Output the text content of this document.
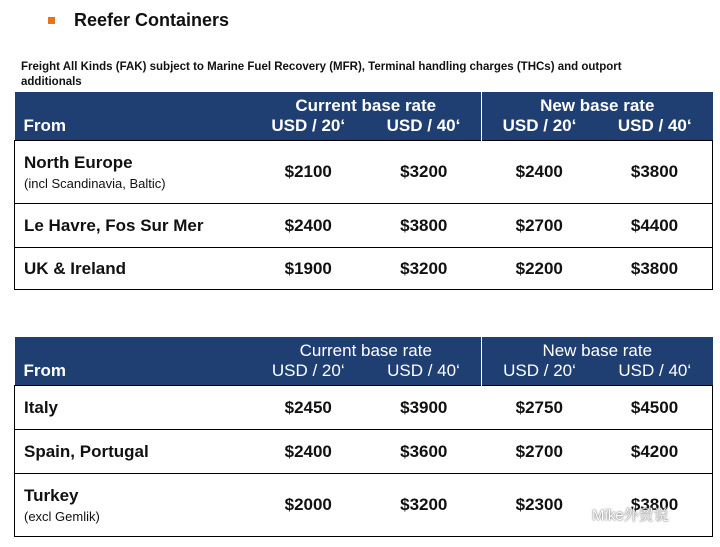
Reefer Containers
Freight All Kinds (FAK) subject to Marine Fuel Recovery (MFR), Terminal handling charges (THCs) and outport additionals
	Current base rate		New base rate	
From	USD / 20‘	USD / 40‘	USD / 20‘	USD / 40‘
North Europe
(incl Scandinavia, Baltic)	$2100	$3200	$2400	$3800
Le Havre, Fos Sur Mer	$2400	$3800	$2700	$4400
UK & Ireland	$1900	$3200	$2200	$3800
	Current base rate		New base rate	
From	USD / 20‘	USD / 40‘	USD / 20‘	USD / 40‘
Italy	$2450	$3900	$2750	$4500
Spain, Portugal	$2400	$3600	$2700	$4200
Turkey
(excl Gemlik)	$2000	$3200	$2300	$3800
Mike外贸说
